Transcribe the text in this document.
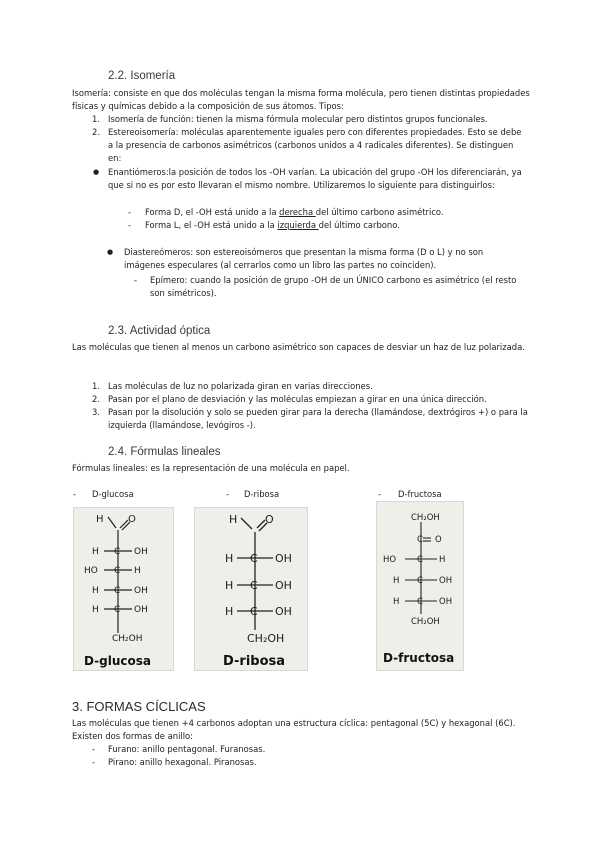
2.2. Isomería
Isomería: consiste en que dos moléculas tengan la misma forma molécula, pero tienen distintas propiedades físicas y químicas debido a la composición de sus átomos. Tipos:
1. Isomería de función: tienen la misma fórmula molecular pero distintos grupos funcionales.
2. Estereoisomería: moléculas aparentemente iguales pero con diferentes propiedades. Esto se debe a la presencia de carbonos asimétricos (carbonos unidos a 4 radicales diferentes). Se distinguen en:
● Enantiómeros:la posición de todos los -OH varían. La ubicación del grupo -OH los diferenciarán, ya que si no es por esto llevaran el mismo nombre. Utilizaremos lo siguiente para distinguirlos:
- Forma D, el -OH está unido a la derecha del último carbono asimétrico.
- Forma L, el -OH está unido a la izquierda del último carbono.
● Diastereómeros: son estereoisómeros que presentan la misma forma (D o L) y no son imágenes especulares (al cerrarlos como un libro las partes no coinciden).
- Epímero: cuando la posición de grupo -OH de un ÚNICO carbono es asimétrico (el resto son simétricos).
2.3. Actividad óptica
Las moléculas que tienen al menos un carbono asimétrico son capaces de desviar un haz de luz polarizada.
1. Las moléculas de luz no polarizada giran en varias direcciones.
2. Pasan por el plano de desviación y las moléculas empiezan a girar en una única dirección.
3. Pasan por la disolución y solo se pueden girar para la derecha (llamándose, dextrógiros +) o para la izquierda (llamándose, levógiros -).
2.4. Fórmulas lineales
Fórmulas lineales: es la representación de una molécula en papel.
- D-glucosa	- D-ribosa	- D-fructosa
H O
H C OH
HO C H
H C OH
H C OH
CH₂OH
D-glucosa
H	O
H C OH
H C OH
H C OH
CH₂OH
D-ribosa
CH₂OH
C O
HO C H
H C OH
H C OH
CH₂OH
D-fructosa
3. FORMAS CÍCLICAS
Las moléculas que tienen +4 carbonos adoptan una estructura cíclica: pentagonal (5C) y hexagonal (6C). Existen dos formas de anillo:
- Furano: anillo pentagonal. Furanosas.
- Pirano: anillo hexagonal. Piranosas.
